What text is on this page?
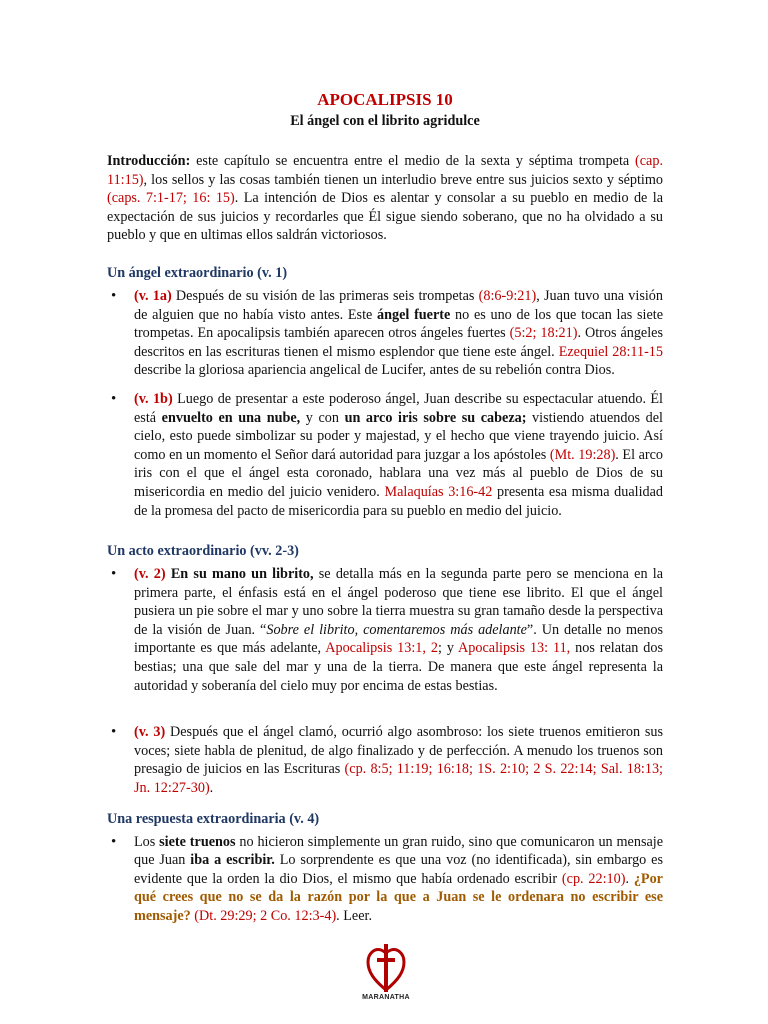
APOCALIPSIS 10
El ángel con el librito agridulce

Introducción: este capítulo se encuentra entre el medio de la sexta y séptima trompeta (cap. 11:15), los sellos y las cosas también tienen un interludio breve entre sus juicios sexto y séptimo (caps. 7:1-17; 16: 15). La intención de Dios es alentar y consolar a su pueblo en medio de la expectación de sus juicios y recordarles que Él sigue siendo soberano, que no ha olvidado a su pueblo y que en ultimas ellos saldrán victoriosos.

Un ángel extraordinario (v. 1)
• (v. 1a) Después de su visión de las primeras seis trompetas (8:6-9:21), Juan tuvo una visión de alguien que no había visto antes. Este ángel fuerte no es uno de los que tocan las siete trompetas. En apocalipsis también aparecen otros ángeles fuertes (5:2; 18:21). Otros ángeles descritos en las escrituras tienen el mismo esplendor que tiene este ángel. Ezequiel 28:11-15 describe la gloriosa apariencia angelical de Lucifer, antes de su rebelión contra Dios.
• (v. 1b) Luego de presentar a este poderoso ángel, Juan describe su espectacular atuendo. Él está envuelto en una nube, y con un arco iris sobre su cabeza; vistiendo atuendos del cielo, esto puede simbolizar su poder y majestad, y el hecho que viene trayendo juicio. Así como en un momento el Señor dará autoridad para juzgar a los apóstoles (Mt. 19:28). El arco iris con el que el ángel esta coronado, hablara una vez más al pueblo de Dios de su misericordia en medio del juicio venidero. Malaquías 3:16-42 presenta esa misma dualidad de la promesa del pacto de misericordia para su pueblo en medio del juicio.
Un acto extraordinario (vv. 2-3)
• (v. 2) En su mano un librito, se detalla más en la segunda parte pero se menciona en la primera parte, el énfasis está en el ángel poderoso que tiene ese librito. El que el ángel pusiera un pie sobre el mar y uno sobre la tierra muestra su gran tamaño desde la perspectiva de la visión de Juan. “Sobre el librito, comentaremos más adelante”. Un detalle no menos importante es que más adelante, Apocalipsis 13:1, 2; y Apocalipsis 13: 11, nos relatan dos bestias; una que sale del mar y una de la tierra. De manera que este ángel representa la autoridad y soberanía del cielo muy por encima de estas bestias.
• (v. 3) Después que el ángel clamó, ocurrió algo asombroso: los siete truenos emitieron sus voces; siete habla de plenitud, de algo finalizado y de perfección. A menudo los truenos son presagio de juicios en las Escrituras (cp. 8:5; 11:19; 16:18; 1S. 2:10; 2 S. 22:14; Sal. 18:13; Jn. 12:27-30).
Una respuesta extraordinaria (v. 4)
• Los siete truenos no hicieron simplemente un gran ruido, sino que comunicaron un mensaje que Juan iba a escribir. Lo sorprendente es que una voz (no identificada), sin embargo es evidente que la orden la dio Dios, el mismo que había ordenado escribir (cp. 22:10). ¿Por qué crees que no se da la razón por la que a Juan se le ordenara no escribir ese mensaje? (Dt. 29:29; 2 Co. 12:3-4). Leer.
MARANATHA
